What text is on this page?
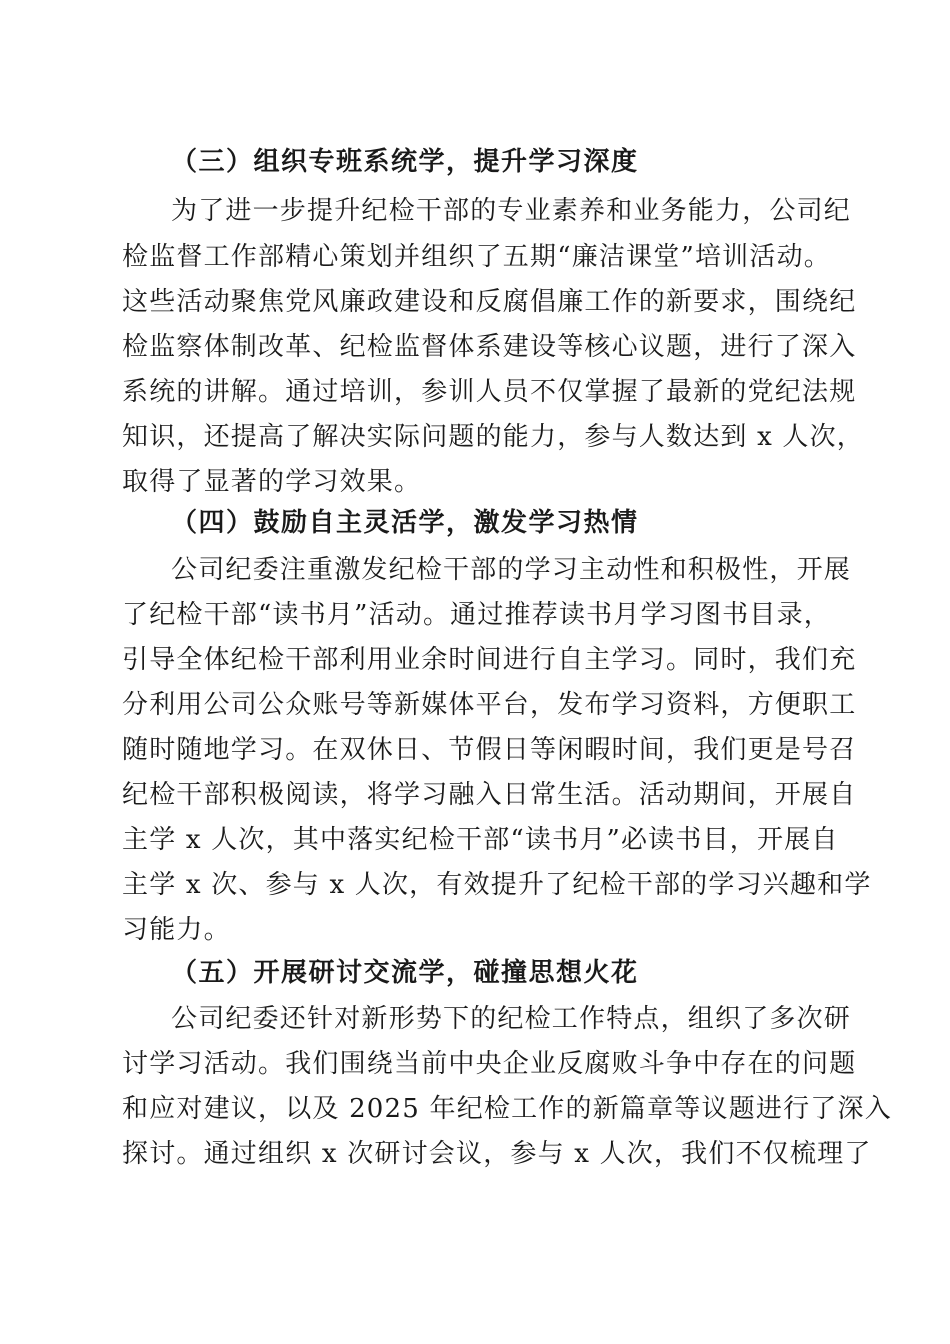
（三）组织专班系统学，提升学习深度
为了进一步提升纪检干部的专业素养和业务能力，公司纪
检监督工作部精心策划并组织了五期“廉洁课堂”培训活动。
这些活动聚焦党风廉政建设和反腐倡廉工作的新要求，围绕纪
检监察体制改革、纪检监督体系建设等核心议题，进行了深入
系统的讲解。通过培训，参训人员不仅掌握了最新的党纪法规
知识，还提高了解决实际问题的能力，参与人数达到 x 人次，
取得了显著的学习效果。
（四）鼓励自主灵活学，激发学习热情
公司纪委注重激发纪检干部的学习主动性和积极性，开展
了纪检干部“读书月”活动。通过推荐读书月学习图书目录，
引导全体纪检干部利用业余时间进行自主学习。同时，我们充
分利用公司公众账号等新媒体平台，发布学习资料，方便职工
随时随地学习。在双休日、节假日等闲暇时间，我们更是号召
纪检干部积极阅读，将学习融入日常生活。活动期间，开展自
主学 x 人次，其中落实纪检干部“读书月”必读书目，开展自
主学 x 次、参与 x 人次，有效提升了纪检干部的学习兴趣和学
习能力。
（五）开展研讨交流学，碰撞思想火花
公司纪委还针对新形势下的纪检工作特点，组织了多次研
讨学习活动。我们围绕当前中央企业反腐败斗争中存在的问题
和应对建议，以及 2025 年纪检工作的新篇章等议题进行了深入
探讨。通过组织 x 次研讨会议，参与 x 人次，我们不仅梳理了
